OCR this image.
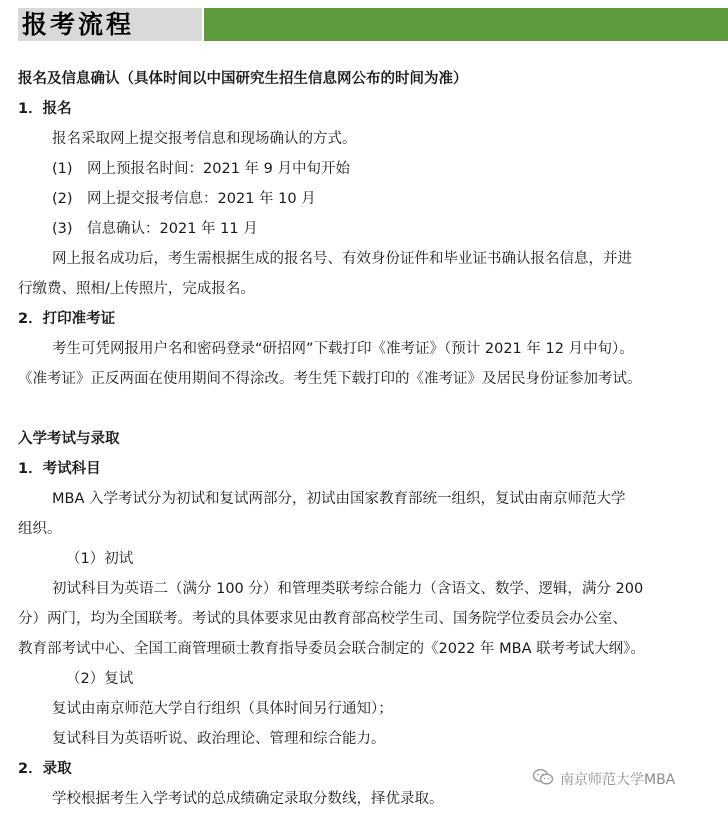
报考流程
报名及信息确认（具体时间以中国研究生招生信息网公布的时间为准）
1．报名
报名采取网上提交报考信息和现场确认的方式。
(1)　网上预报名时间：2021 年 9 月中旬开始
(2)　网上提交报考信息：2021 年 10 月
(3)　信息确认：2021 年 11 月
网上报名成功后，考生需根据生成的报名号、有效身份证件和毕业证书确认报名信息，并进
行缴费、照相/上传照片，完成报名。
2．打印准考证
考生可凭网报用户名和密码登录“研招网”下载打印《准考证》（预计 2021 年 12 月中旬）。
《准考证》正反两面在使用期间不得涂改。考生凭下载打印的《准考证》及居民身份证参加考试。
入学考试与录取
1．考试科目
MBA 入学考试分为初试和复试两部分，初试由国家教育部统一组织，复试由南京师范大学
组织。
（1）初试
初试科目为英语二（满分 100 分）和管理类联考综合能力（含语文、数学、逻辑，满分 200
分）两门，均为全国联考。考试的具体要求见由教育部高校学生司、国务院学位委员会办公室、
教育部考试中心、全国工商管理硕士教育指导委员会联合制定的《2022 年 MBA 联考考试大纲》。
（2）复试
复试由南京师范大学自行组织（具体时间另行通知）；
复试科目为英语听说、政治理论、管理和综合能力。
2．录取
学校根据考生入学考试的总成绩确定录取分数线，择优录取。
南京师范大学MBA
